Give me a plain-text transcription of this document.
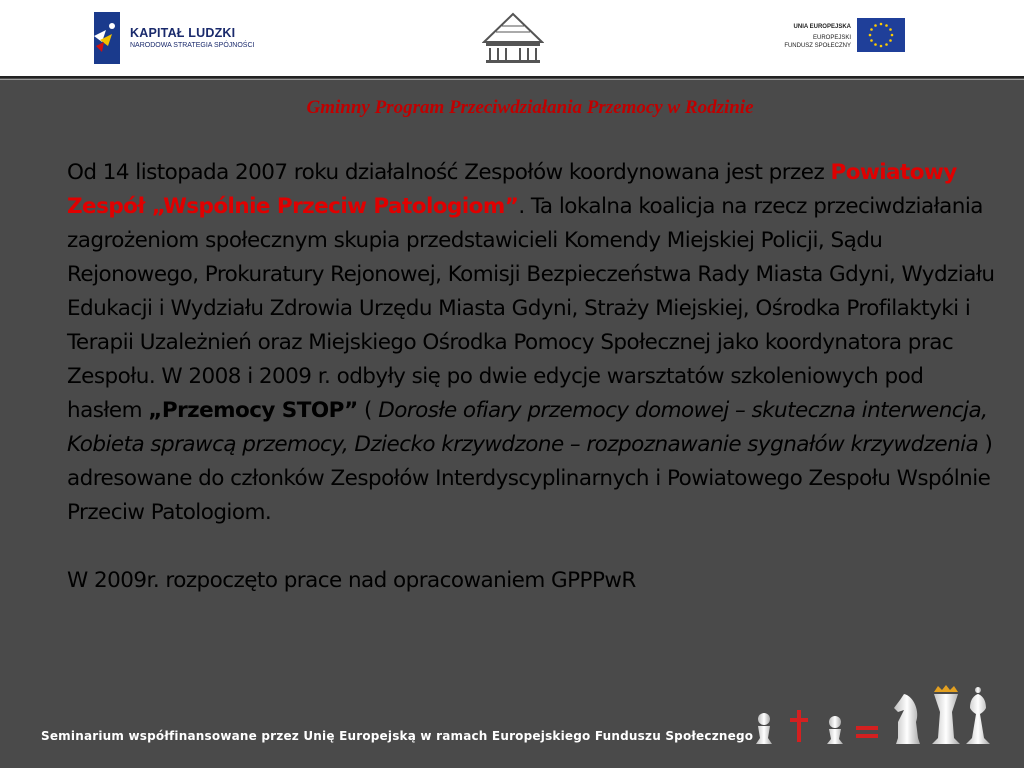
KAPITAŁ LUDZKI
NARODOWA STRATEGIA SPÓJNOŚCI
UNIA EUROPEJSKA
EUROPEJSKI
FUNDUSZ SPOŁECZNY
Gminny Program Przeciwdziałania Przemocy w Rodzinie

Od 14 listopada 2007 roku działalność Zespołów koordynowana jest przez Powiatowy Zespół „Wspólnie Przeciw Patologiom”. Ta lokalna koalicja na rzecz przeciwdziałania zagrożeniom społecznym skupia przedstawicieli Komendy Miejskiej Policji, Sądu Rejonowego, Prokuratury Rejonowej, Komisji Bezpieczeństwa Rady Miasta Gdyni, Wydziału Edukacji i Wydziału Zdrowia Urzędu Miasta Gdyni, Straży Miejskiej, Ośrodka Profilaktyki i Terapii Uzależnień oraz Miejskiego Ośrodka Pomocy Społecznej jako koordynatora prac Zespołu. W 2008 i 2009 r. odbyły się po dwie edycje warsztatów szkoleniowych pod hasłem „Przemocy STOP” ( Dorosłe ofiary przemocy domowej – skuteczna interwencja, Kobieta sprawcą przemocy, Dziecko krzywdzone – rozpoznawanie sygnałów krzywdzenia ) adresowane do członków Zespołów Interdyscyplinarnych i Powiatowego Zespołu Wspólnie Przeciw Patologiom.

W 2009r. rozpoczęto prace nad opracowaniem GPPPwR

Seminarium współfinansowane przez Unię Europejską w ramach Europejskiego Funduszu Społecznego
